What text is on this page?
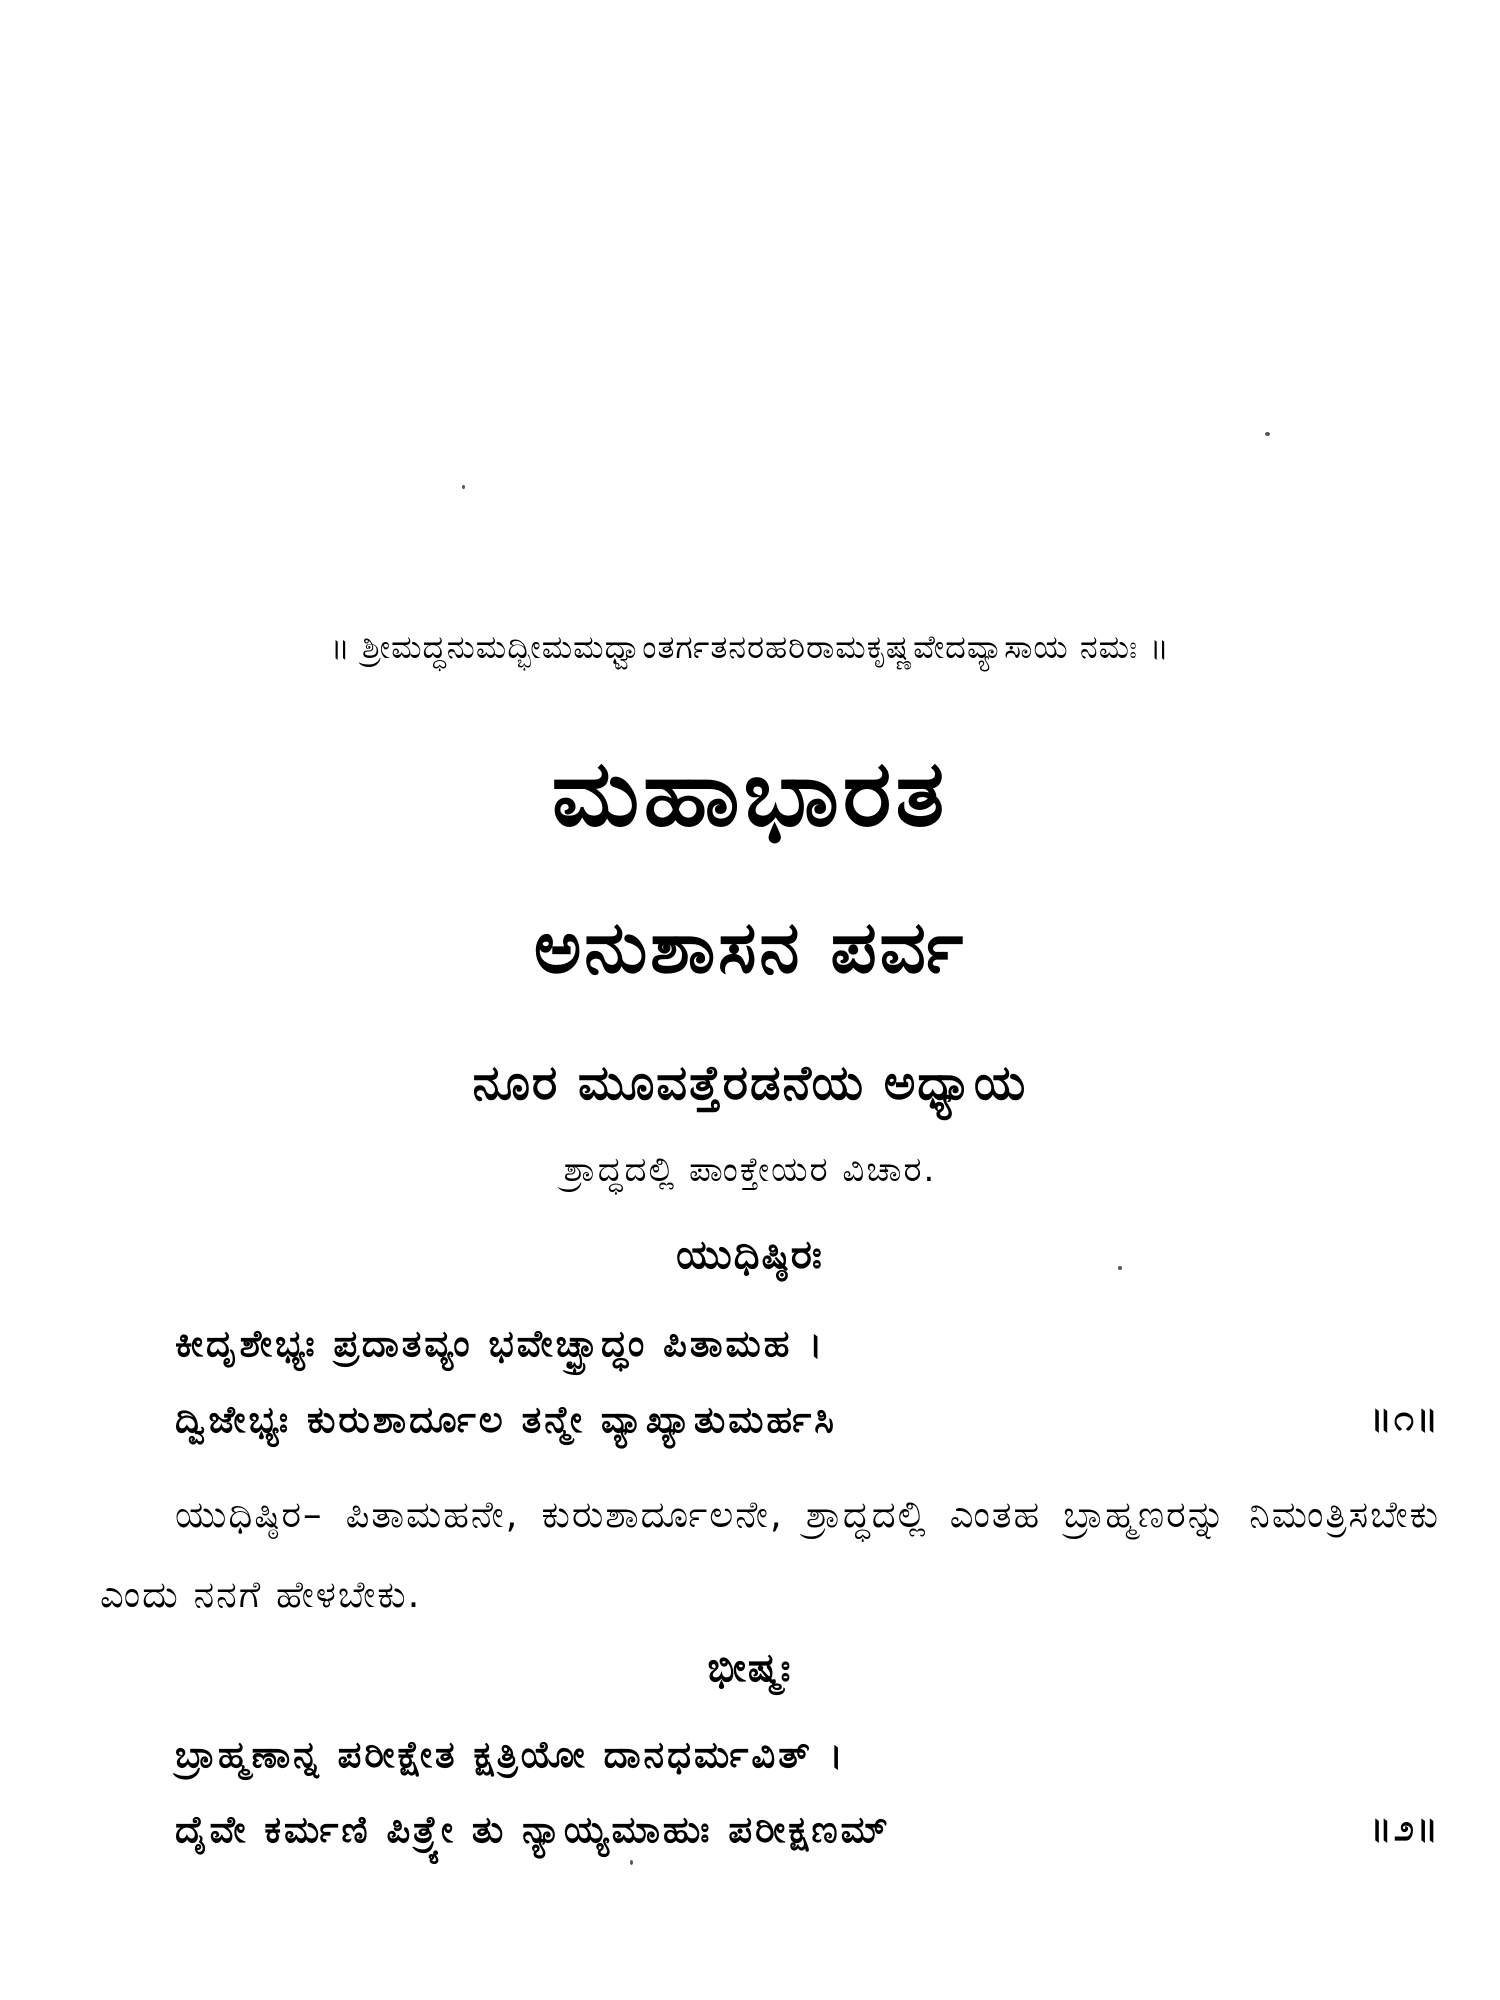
॥ ಶ್ರೀಮದ್ಧನುಮದ್ಭೀಮಮಧ್ವಾಂತರ್ಗತನರಹರಿರಾಮಕೃಷ್ಣವೇದವ್ಯಾಸಾಯ ನಮಃ ॥
ಮಹಾಭಾರತ
ಅನುಶಾಸನ ಪರ್ವ
ನೂರ ಮೂವತ್ತೆರಡನೆಯ ಅಧ್ಯಾಯ
ಶ್ರಾದ್ಧದಲ್ಲಿ ಪಾಂಕ್ತೇಯರ ವಿಚಾರ.
ಯುಧಿಷ್ಠಿರಃ
ಕೀದೃಶೇಭ್ಯಃ ಪ್ರದಾತವ್ಯಂ ಭವೇಚ್ಛ್ರಾದ್ಧಂ ಪಿತಾಮಹ ।
ದ್ವಿಜೇಭ್ಯಃ ಕುರುಶಾರ್ದೂಲ ತನ್ಮೇ ವ್ಯಾಖ್ಯಾತುಮರ್ಹಸಿ	॥೧॥
ಯುಧಿಷ್ಠಿರ– ಪಿತಾಮಹನೇ, ಕುರುಶಾರ್ದೂಲನೇ, ಶ್ರಾದ್ಧದಲ್ಲಿ ಎಂತಹ ಬ್ರಾಹ್ಮಣರನ್ನು ನಿಮಂತ್ರಿಸಬೇಕು ಎಂದು ನನಗೆ ಹೇಳಬೇಕು.
ಭೀಷ್ಮಃ
ಬ್ರಾಹ್ಮಣಾನ್ನ ಪರೀಕ್ಷೇತ ಕ್ಷತ್ರಿಯೋ ದಾನಧರ್ಮವಿತ್ ।
ದೈವೇ ಕರ್ಮಣಿ ಪಿತ್ರ್ಯೇ ತು ನ್ಯಾಯ್ಯಮಾಹುಃ ಪರೀಕ್ಷಣಮ್	॥೨॥
